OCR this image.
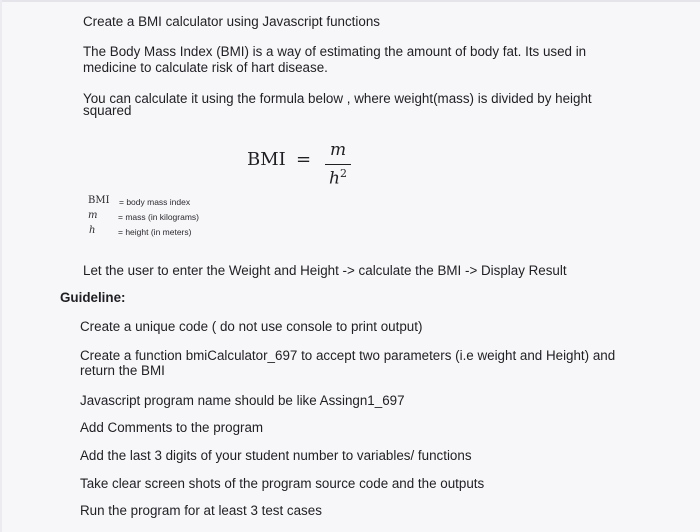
Create a BMI calculator using Javascript functions
The Body Mass Index (BMI) is a way of estimating the amount of body fat. Its used in
medicine to calculate risk of hart disease.
You can calculate it using the formula below , where weight(mass) is divided by height
squared
BMI = m
$h^2$
BMI = body mass index
m = mass (in kilograms)
h	= height (in meters)
Let the user to enter the Weight and Height -> calculate the BMI -> Display Result
Guideline:
Create a unique code ( do not use console to print output)
Create a function bmiCalculator_697 to accept two parameters (i.e weight and Height) and
return the BMI
Javascript program name should be like Assingn1_697
Add Comments to the program
Add the last 3 digits of your student number to variables/ functions
Take clear screen shots of the program source code and the outputs
Run the program for at least 3 test cases
